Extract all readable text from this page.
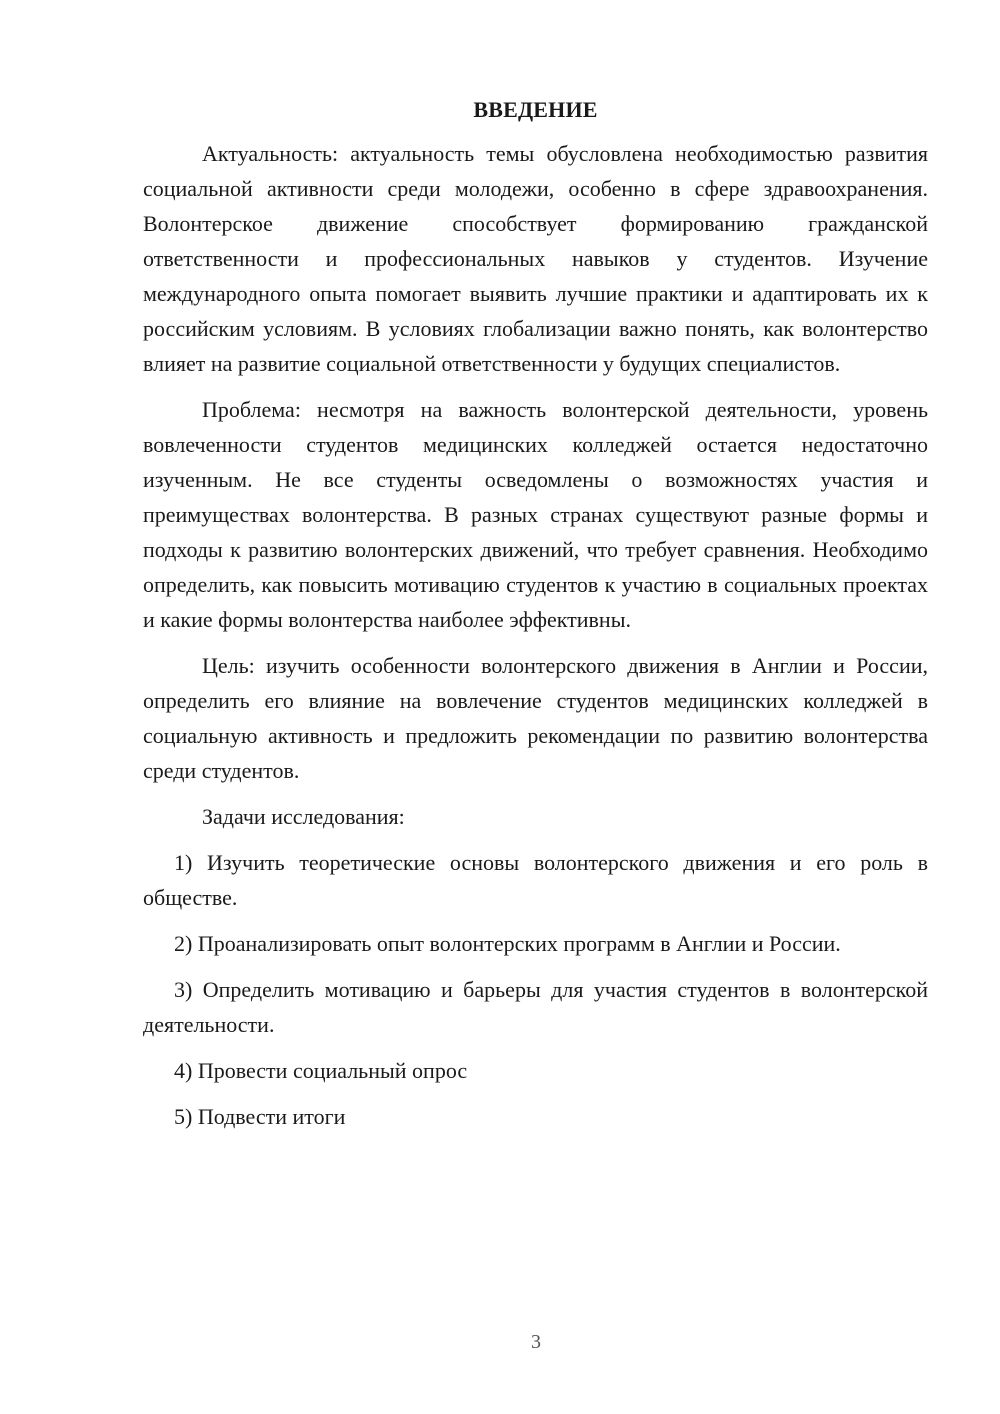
ВВЕДЕНИЕ

Актуальность: актуальность темы обусловлена необходимостью развития социальной активности среди молодежи, особенно в сфере здравоохранения. Волонтерское движение способствует формированию гражданской ответственности и профессиональных навыков у студентов. Изучение международного опыта помогает выявить лучшие практики и адаптировать их к российским условиям. В условиях глобализации важно понять, как волонтерство влияет на развитие социальной ответственности у будущих специалистов.

Проблема: несмотря на важность волонтерской деятельности, уровень вовлеченности студентов медицинских колледжей остается недостаточно изученным. Не все студенты осведомлены о возможностях участия и преимуществах волонтерства. В разных странах существуют разные формы и подходы к развитию волонтерских движений, что требует сравнения. Необходимо определить, как повысить мотивацию студентов к участию в социальных проектах и какие формы волонтерства наиболее эффективны.

Цель: изучить особенности волонтерского движения в Англии и России, определить его влияние на вовлечение студентов медицинских колледжей в социальную активность и предложить рекомендации по развитию волонтерства среди студентов.

Задачи исследования:

1) Изучить теоретические основы волонтерского движения и его роль в обществе.

2) Проанализировать опыт волонтерских программ в Англии и России.

3) Определить мотивацию и барьеры для участия студентов в волонтерской деятельности.

4) Провести социальный опрос

5) Подвести итоги

3
